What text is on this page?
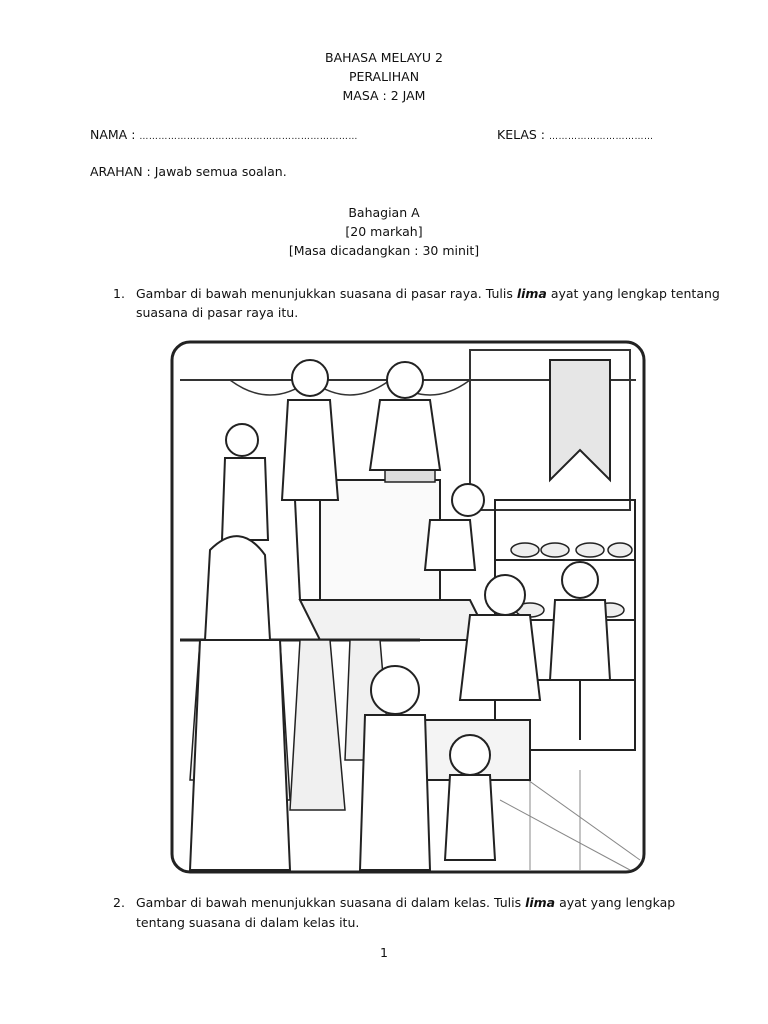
BAHASA MELAYU 2
PERALIHAN
MASA : 2 JAM
NAMA : ……………………………………………………………	KELAS : ……………………………
ARAHAN : Jawab semua soalan.
Bahagian A
[20 markah]
[Masa dicadangkan : 30 minit]
1. Gambar di bawah menunjukkan suasana di pasar raya. Tulis lima ayat yang lengkap tentang
suasana di pasar raya itu.
2. Gambar di bawah menunjukkan suasana di dalam kelas. Tulis lima ayat yang lengkap
tentang suasana di dalam kelas itu.
1
